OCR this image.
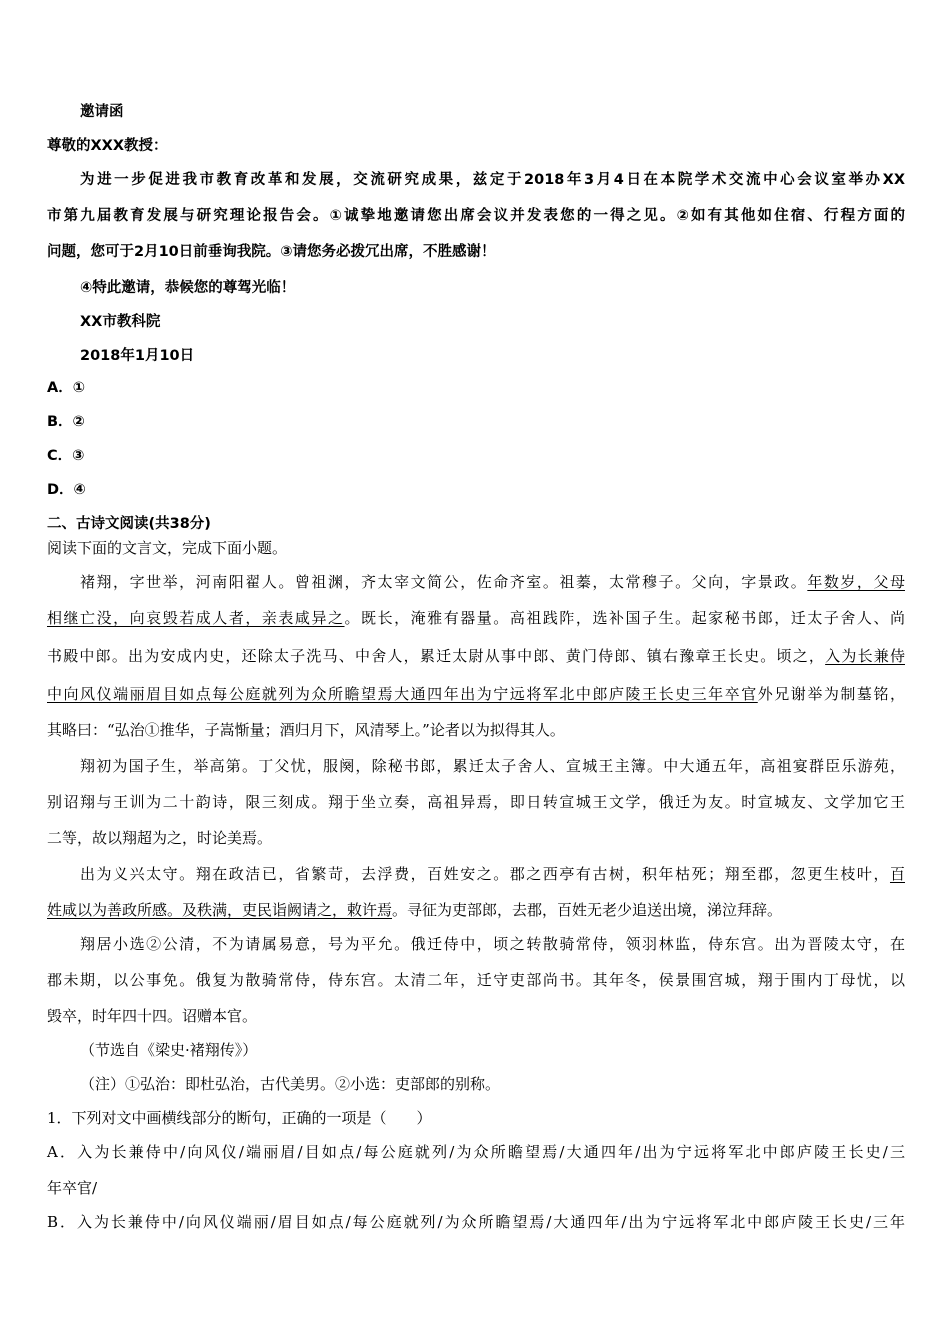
邀请函
尊敬的XXX教授：
为进一步促进我市教育改革和发展，交流研究成果，兹定于2018年3月4日在本院学术交流中心会议室举办XX
市第九届教育发展与研究理论报告会。①诚挚地邀请您出席会议并发表您的一得之见。②如有其他如住宿、行程方面的
问题，您可于2月10日前垂询我院。③请您务必拨冗出席，不胜感谢！
④特此邀请，恭候您的尊驾光临！
XX市教科院
2018年1月10日
A．①
B．②
C．③
D．④
二、古诗文阅读(共38分)
阅读下面的文言文，完成下面小题。
褚翔，字世举，河南阳翟人。曾祖渊，齐太宰文简公，佐命齐室。祖蓁，太常穆子。父向，字景政。年数岁，父母
相继亡没，向哀毁若成人者，亲表咸异之。既长，淹雅有器量。高祖践阼，选补国子生。起家秘书郎，迁太子舍人、尚
书殿中郎。出为安成内史，还除太子洗马、中舍人，累迁太尉从事中郎、黄门侍郎、镇右豫章王长史。顷之，入为长兼侍
中向风仪端丽眉目如点每公庭就列为众所瞻望焉大通四年出为宁远将军北中郎庐陵王长史三年卒官外兄谢举为制墓铭，
其略曰：“弘治①推华，子嵩惭量；酒归月下，风清琴上。”论者以为拟得其人。
翔初为国子生，举高第。丁父忧，服阕，除秘书郎，累迁太子舍人、宣城王主簿。中大通五年，高祖宴群臣乐游苑，
别诏翔与王训为二十韵诗，限三刻成。翔于坐立奏，高祖异焉，即日转宣城王文学，俄迁为友。时宣城友、文学加它王
二等，故以翔超为之，时论美焉。
出为义兴太守。翔在政洁已，省繁苛，去浮费，百姓安之。郡之西亭有古树，积年枯死；翔至郡，忽更生枝叶，百
姓咸以为善政所感。及秩满，吏民诣阙请之，敕许焉。寻征为吏部郎，去郡，百姓无老少追送出境，涕泣拜辞。
翔居小选②公清，不为请属易意，号为平允。俄迁侍中，顷之转散骑常侍，领羽林监，侍东宫。出为晋陵太守，在
郡未期，以公事免。俄复为散骑常侍，侍东宫。太清二年，迁守吏部尚书。其年冬，侯景围宫城，翔于围内丁母忧，以
毁卒，时年四十四。诏赠本官。
（节选自《梁史·褚翔传》）
（注）①弘治：即杜弘治，古代美男。②小选：吏部郎的别称。
1．下列对文中画横线部分的断句，正确的一项是（　　）
A．入为长兼侍中/向风仪/端丽眉/目如点/每公庭就列/为众所瞻望焉/大通四年/出为宁远将军北中郎庐陵王长史/三
年卒官/
B．入为长兼侍中/向风仪端丽/眉目如点/每公庭就列/为众所瞻望焉/大通四年/出为宁远将军北中郎庐陵王长史/三年
